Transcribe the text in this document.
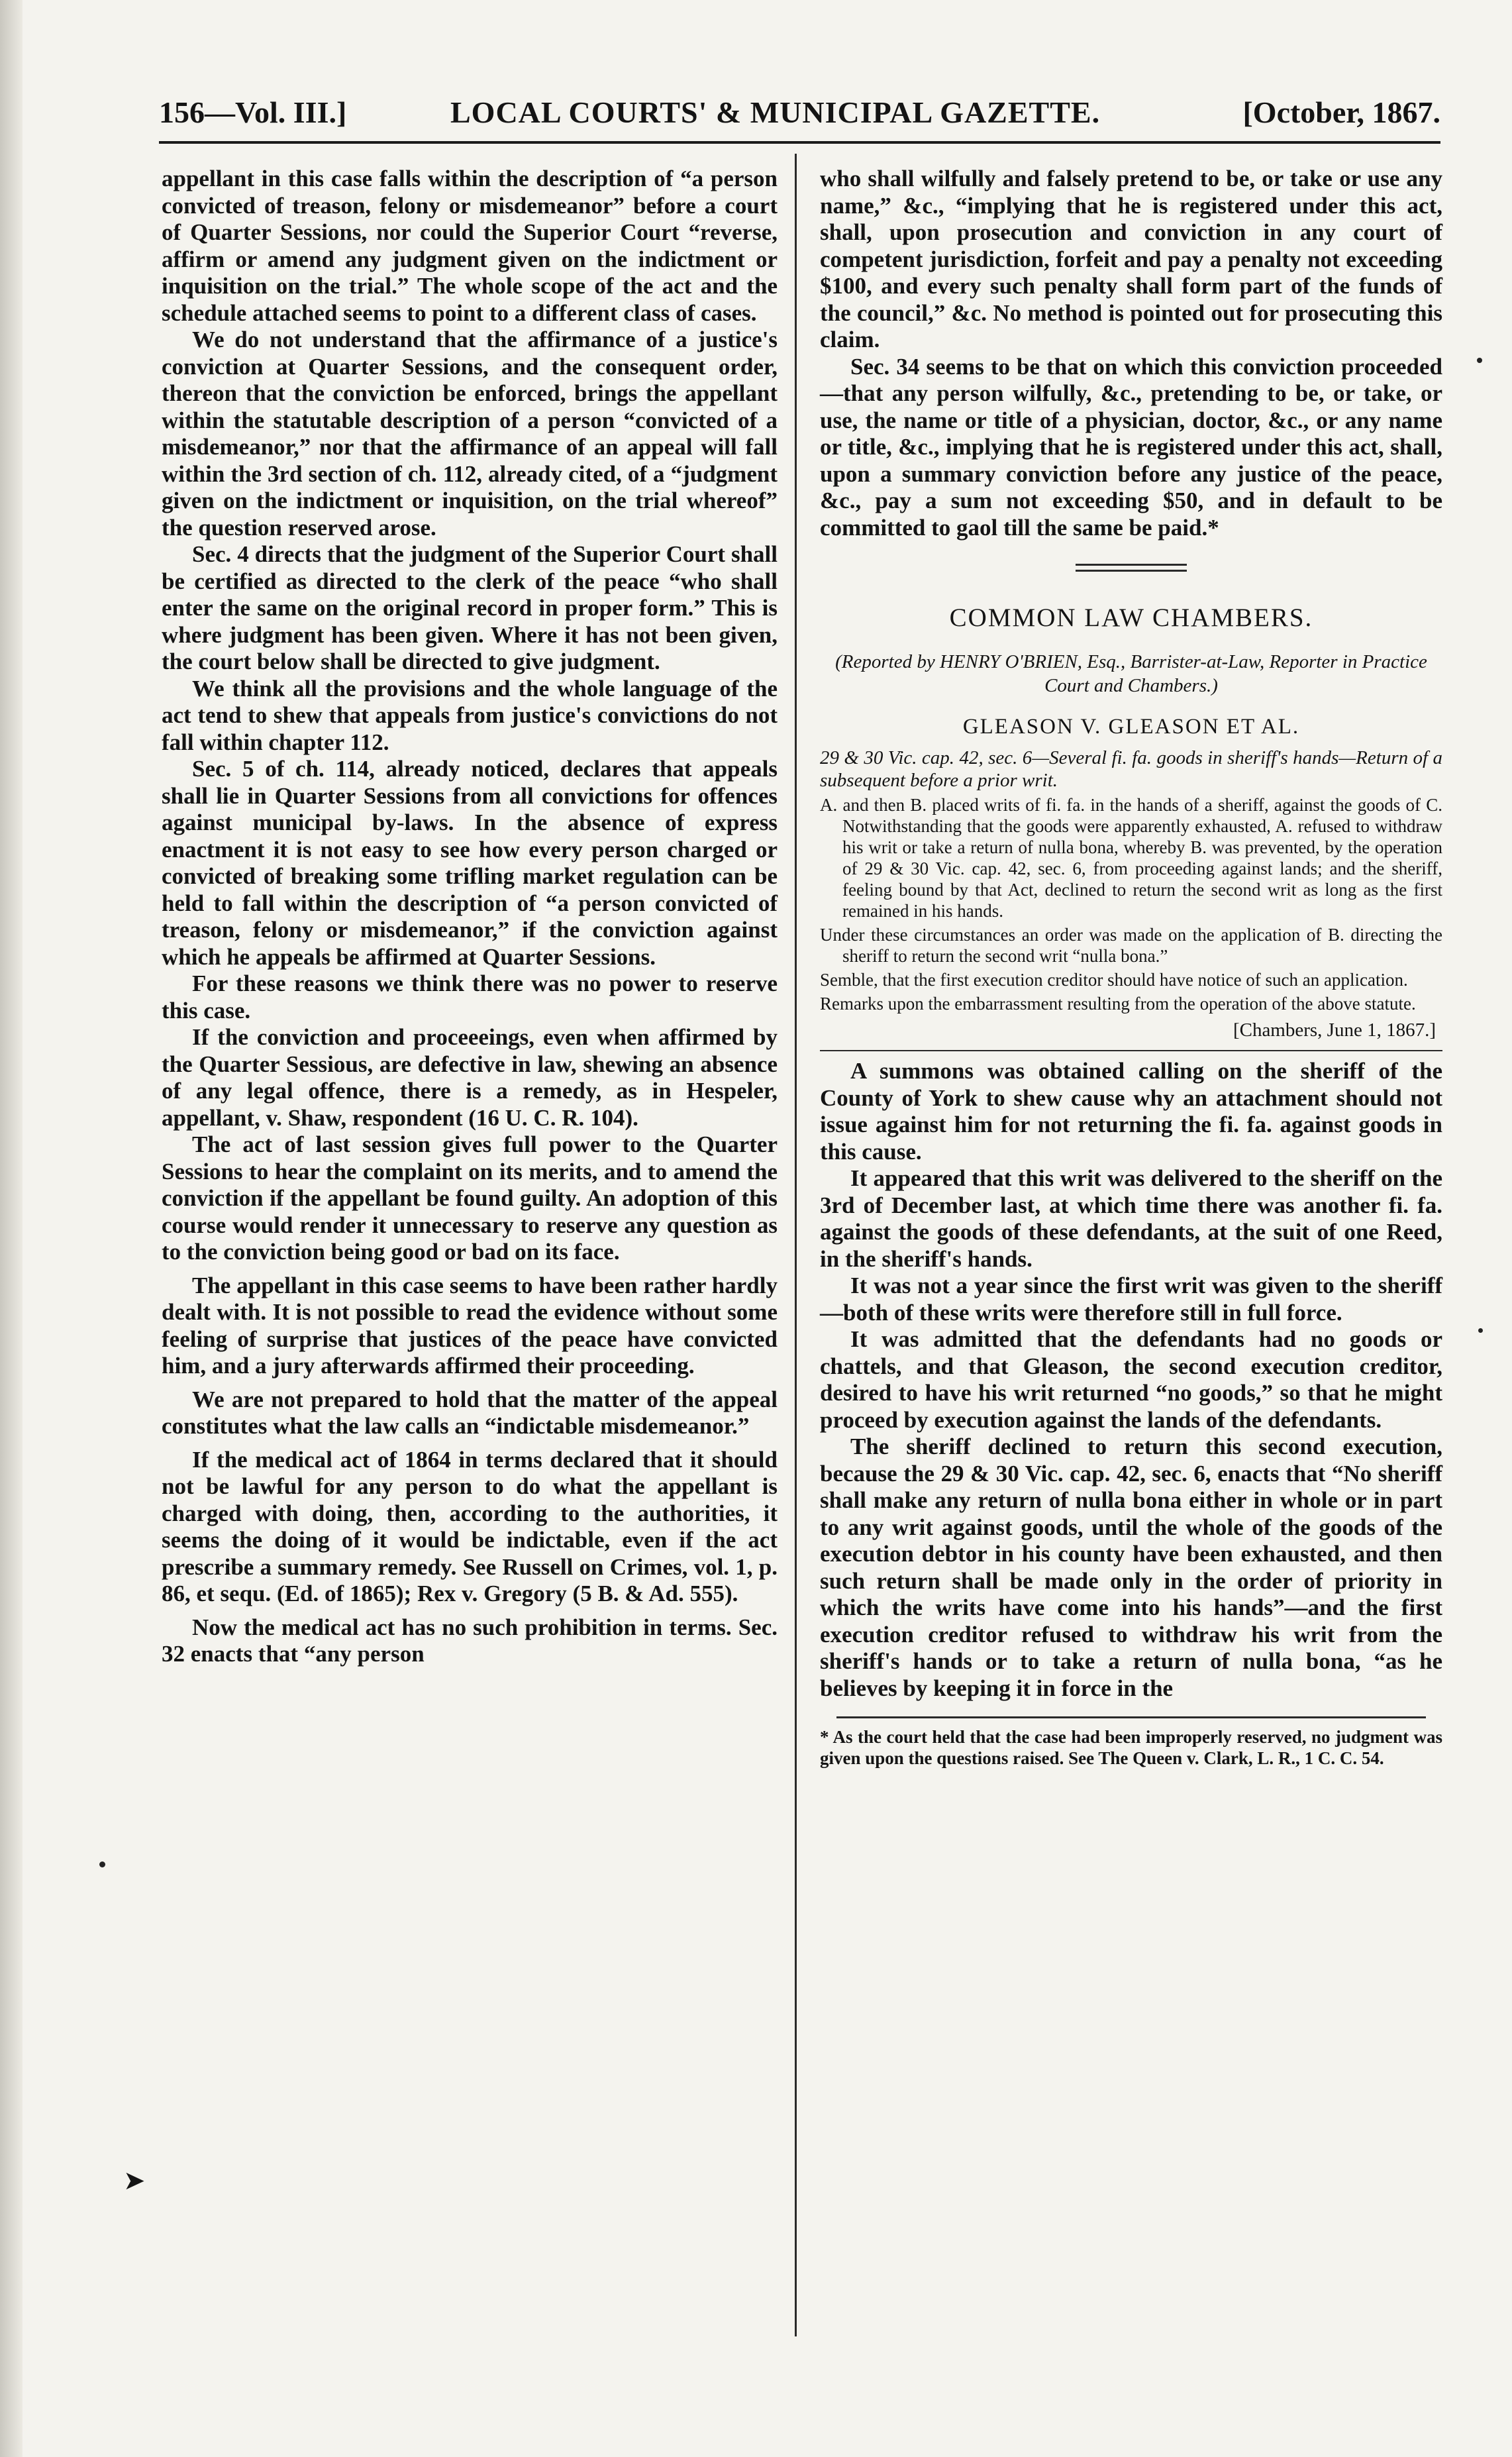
156—Vol. III.]	LOCAL COURTS' & MUNICIPAL GAZETTE.	[October, 1867.

appellant in this case falls within the description of “a person convicted of treason, felony or misdemeanor” before a court of Quarter Sessions, nor could the Superior Court “reverse, affirm or amend any judgment given on the indictment or inquisition on the trial.” The whole scope of the act and the schedule attached seems to point to a different class of cases.

We do not understand that the affirmance of a justice's conviction at Quarter Sessions, and the consequent order, thereon that the conviction be enforced, brings the appellant within the statutable description of a person “convicted of a misdemeanor,” nor that the affirmance of an appeal will fall within the 3rd section of ch. 112, already cited, of a “judgment given on the indictment or inquisition, on the trial whereof” the question reserved arose.

Sec. 4 directs that the judgment of the Superior Court shall be certified as directed to the clerk of the peace “who shall enter the same on the original record in proper form.” This is where judgment has been given. Where it has not been given, the court below shall be directed to give judgment.

We think all the provisions and the whole language of the act tend to shew that appeals from justice's convictions do not fall within chapter 112.

Sec. 5 of ch. 114, already noticed, declares that appeals shall lie in Quarter Sessions from all convictions for offences against municipal by-laws. In the absence of express enactment it is not easy to see how every person charged or convicted of breaking some trifling market regulation can be held to fall within the description of “a person convicted of treason, felony or misdemeanor,” if the conviction against which he appeals be affirmed at Quarter Sessions.

For these reasons we think there was no power to reserve this case.

If the conviction and proceeeings, even when affirmed by the Quarter Sessious, are defective in law, shewing an absence of any legal offence, there is a remedy, as in Hespeler, appellant, v. Shaw, respondent (16 U. C. R. 104).

The act of last session gives full power to the Quarter Sessions to hear the complaint on its merits, and to amend the conviction if the appellant be found guilty. An adoption of this course would render it unnecessary to reserve any question as to the conviction being good or bad on its face.

The appellant in this case seems to have been rather hardly dealt with. It is not possible to read the evidence without some feeling of surprise that justices of the peace have convicted him, and a jury afterwards affirmed their proceeding.

We are not prepared to hold that the matter of the appeal constitutes what the law calls an “indictable misdemeanor.”

If the medical act of 1864 in terms declared that it should not be lawful for any person to do what the appellant is charged with doing, then, according to the authorities, it seems the doing of it would be indictable, even if the act prescribe a summary remedy. See Russell on Crimes, vol. 1, p. 86, et sequ. (Ed. of 1865); Rex v. Gregory (5 B. & Ad. 555).

Now the medical act has no such prohibition in terms. Sec. 32 enacts that “any person

who shall wilfully and falsely pretend to be, or take or use any name,” &c., “implying that he is registered under this act, shall, upon prosecution and conviction in any court of competent jurisdiction, forfeit and pay a penalty not exceeding $100, and every such penalty shall form part of the funds of the council,” &c. No method is pointed out for prosecuting this claim.

Sec. 34 seems to be that on which this conviction proceeded—that any person wilfully, &c., pretending to be, or take, or use, the name or title of a physician, doctor, &c., or any name or title, &c., implying that he is registered under this act, shall, upon a summary conviction before any justice of the peace, &c., pay a sum not exceeding $50, and in default to be committed to gaol till the same be paid.*

COMMON LAW CHAMBERS.
(Reported by HENRY O'BRIEN, Esq., Barrister-at-Law, Reporter in Practice Court and Chambers.)
GLEASON V. GLEASON ET AL.
29 & 30 Vic. cap. 42, sec. 6—Several fi. fa. goods in sheriff's hands—Return of a subsequent before a prior writ.
A. and then B. placed writs of fi. fa. in the hands of a sheriff, against the goods of C. Notwithstanding that the goods were apparently exhausted, A. refused to withdraw his writ or take a return of nulla bona, whereby B. was prevented, by the operation of 29 & 30 Vic. cap. 42, sec. 6, from proceeding against lands; and the sheriff, feeling bound by that Act, declined to return the second writ as long as the first remained in his hands.
Under these circumstances an order was made on the application of B. directing the sheriff to return the second writ “nulla bona.”
Semble, that the first execution creditor should have notice of such an application.
Remarks upon the embarrassment resulting from the operation of the above statute.
[Chambers, June 1, 1867.]

A summons was obtained calling on the sheriff of the County of York to shew cause why an attachment should not issue against him for not returning the fi. fa. against goods in this cause.

It appeared that this writ was delivered to the sheriff on the 3rd of December last, at which time there was another fi. fa. against the goods of these defendants, at the suit of one Reed, in the sheriff's hands.

It was not a year since the first writ was given to the sheriff—both of these writs were therefore still in full force.

It was admitted that the defendants had no goods or chattels, and that Gleason, the second execution creditor, desired to have his writ returned “no goods,” so that he might proceed by execution against the lands of the defendants.

The sheriff declined to return this second execution, because the 29 & 30 Vic. cap. 42, sec. 6, enacts that “No sheriff shall make any return of nulla bona either in whole or in part to any writ against goods, until the whole of the goods of the execution debtor in his county have been exhausted, and then such return shall be made only in the order of priority in which the writs have come into his hands”—and the first execution creditor refused to withdraw his writ from the sheriff's hands or to take a return of nulla bona, “as he believes by keeping it in force in the

* As the court held that the case had been improperly reserved, no judgment was given upon the questions raised. See The Queen v. Clark, L. R., 1 C. C. 54.
➤
